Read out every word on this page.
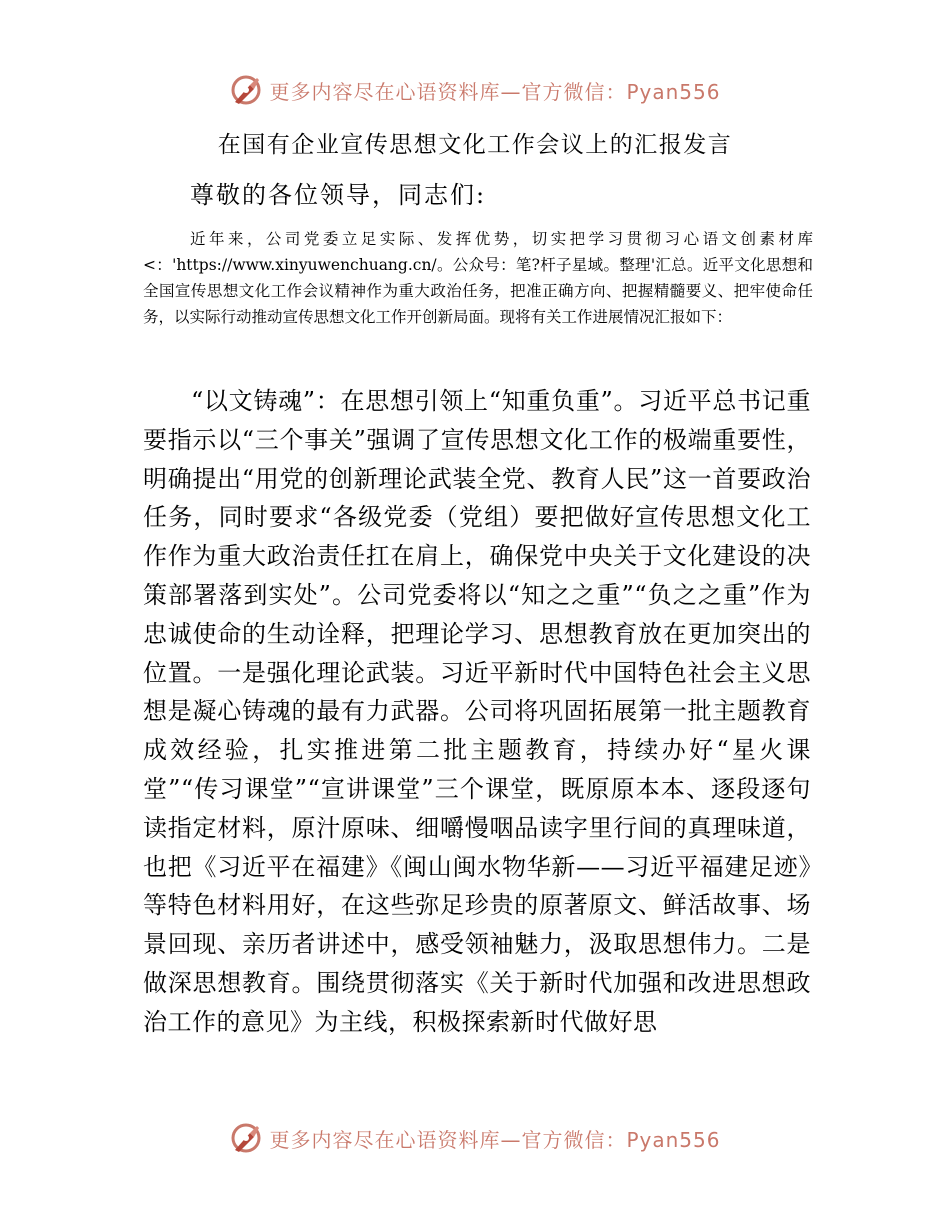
更多内容尽在心语资料库—官方微信：Pyan556
在国有企业宣传思想文化工作会议上的汇报发言
尊敬的各位领导，同志们:

近年来，公司党委立足实际、发挥优势，切实把学习贯彻习心语文创素材库<：'https://www.xinyuwenchuang.cn/。公众号：笔?杆子星域。整理'汇总。近平文化思想和全国宣传思想文化工作会议精神作为重大政治任务，把准正确方向、把握精髓要义、把牢使命任务，以实际行动推动宣传思想文化工作开创新局面。现将有关工作进展情况汇报如下：

“以文铸魂”：在思想引领上“知重负重”。习近平总书记重要指示以“三个事关”强调了宣传思想文化工作的极端重要性，明确提出“用党的创新理论武装全党、教育人民”这一首要政治任务，同时要求“各级党委（党组）要把做好宣传思想文化工作作为重大政治责任扛在肩上，确保党中央关于文化建设的决策部署落到实处”。公司党委将以“知之之重”“负之之重”作为忠诚使命的生动诠释，把理论学习、思想教育放在更加突出的位置。一是强化理论武装。习近平新时代中国特色社会主义思想是凝心铸魂的最有力武器。公司将巩固拓展第一批主题教育成效经验，扎实推进第二批主题教育，持续办好“星火课堂”“传习课堂”“宣讲课堂”三个课堂，既原原本本、逐段逐句读指定材料，原汁原味、细嚼慢咽品读字里行间的真理味道，也把《习近平在福建》《闽山闽水物华新——习近平福建足迹》等特色材料用好，在这些弥足珍贵的原著原文、鲜活故事、场景回现、亲历者讲述中，感受领袖魅力，汲取思想伟力。二是做深思想教育。围绕贯彻落实《关于新时代加强和改进思想政治工作的意见》为主线，积极探索新时代做好思

更多内容尽在心语资料库—官方微信：Pyan556
